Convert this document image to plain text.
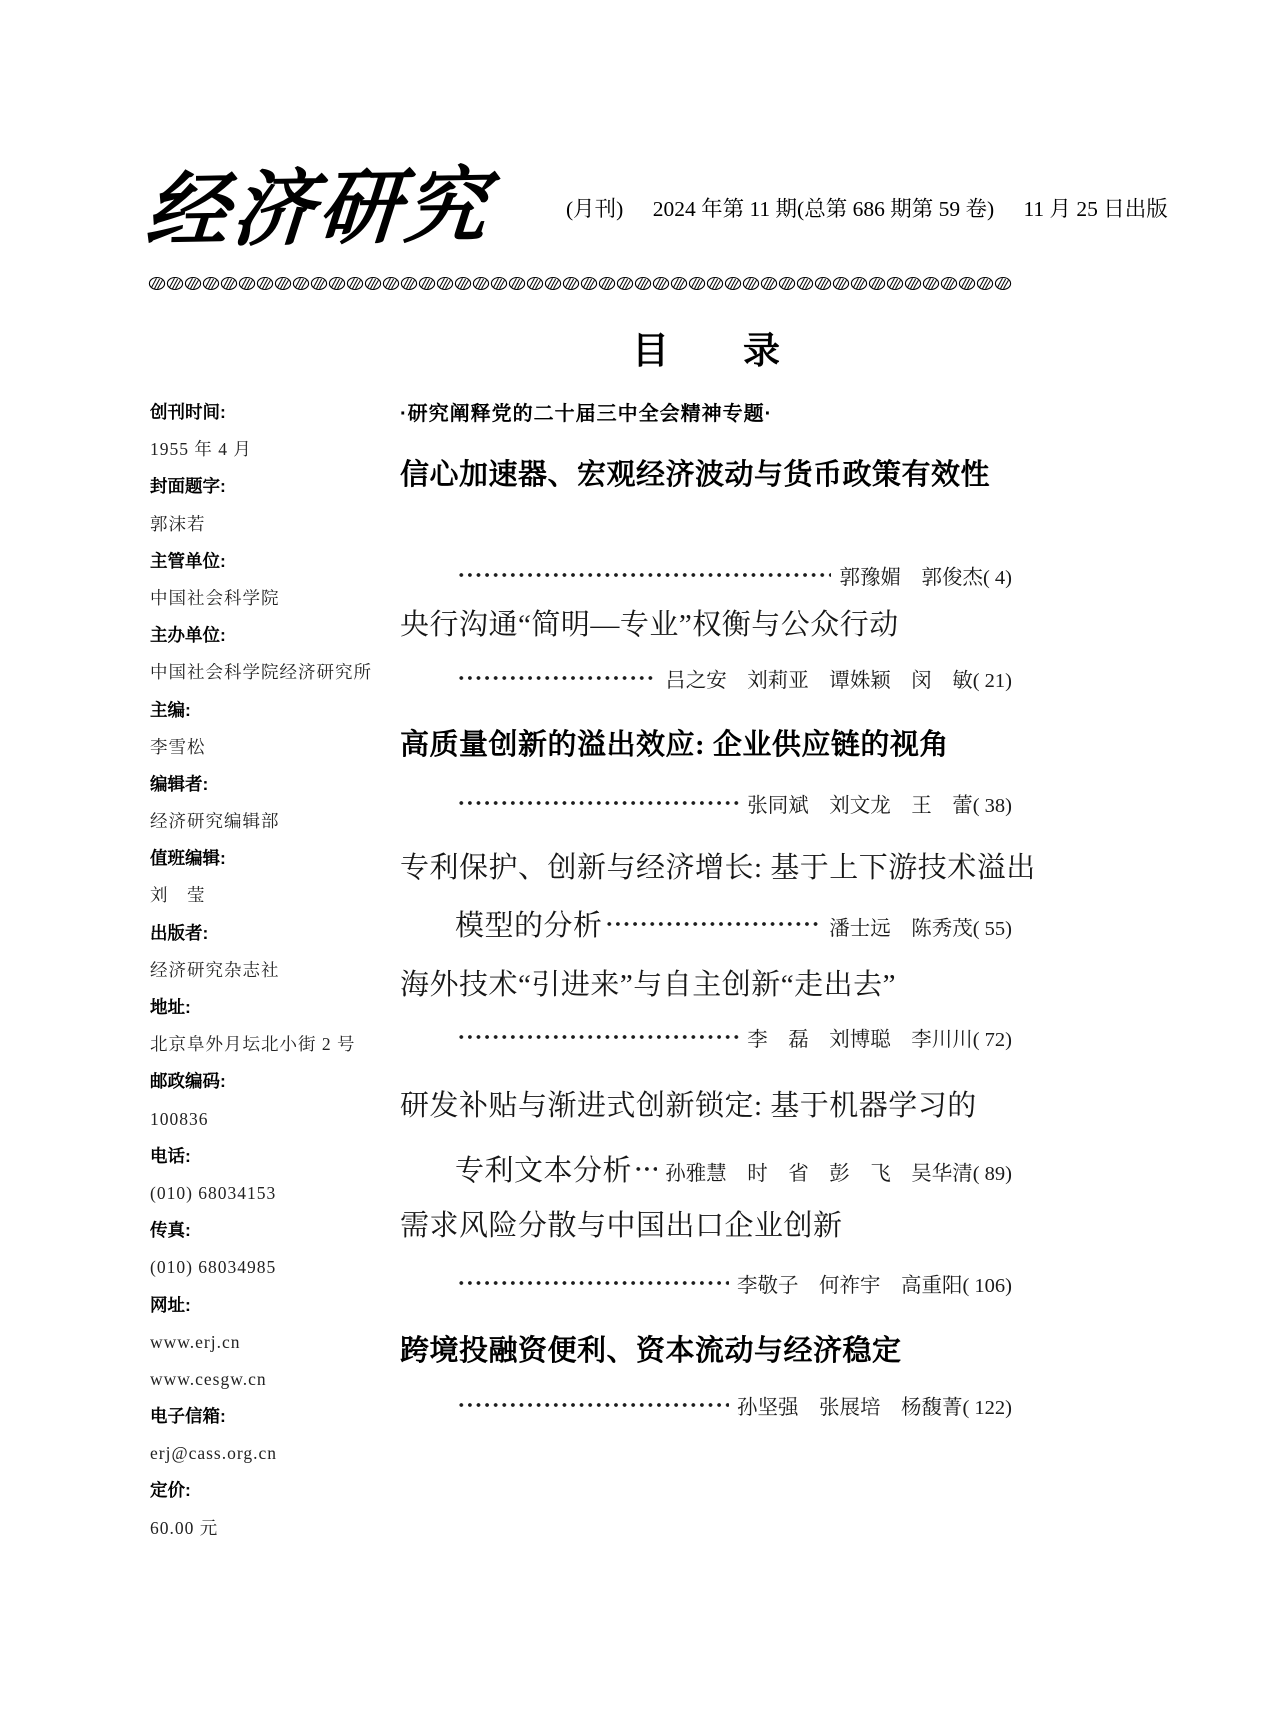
经济研究	(月刊) 2024 年第 11 期(总第 686 期第 59 卷) 11 月 25 日出版
目　　录
创刊时间:
1955 年 4 月
封面题字:
郭沫若
主管单位:
中国社会科学院
主办单位:
中国社会科学院经济研究所
主编:
李雪松
编辑者:
经济研究编辑部
值班编辑:
刘　莹
出版者:
经济研究杂志社
地址:
北京阜外月坛北小街 2 号
邮政编码:
100836
电话:
(010) 68034153
传真:
(010) 68034985
网址:
www.erj.cn
www.cesgw.cn
电子信箱:
erj@cass.org.cn
定价:
60.00 元
·研究阐释党的二十届三中全会精神专题·
信心加速器、宏观经济波动与货币政策有效性
郭豫媚　郭俊杰 ( 4)
央行沟通“简明—专业”权衡与公众行动
吕之安　刘莉亚　谭姝颖　闵　敏 ( 21)
高质量创新的溢出效应: 企业供应链的视角
张同斌　刘文龙　王　蕾 ( 38)
专利保护、创新与经济增长: 基于上下游技术溢出
模型的分析	潘士远　陈秀茂 ( 55)
海外技术“引进来”与自主创新“走出去”
李　磊　刘博聪　李川川 ( 72)
研发补贴与渐进式创新锁定: 基于机器学习的
专利文本分析 孙雅慧　时　省　彭　飞　吴华清 ( 89)
需求风险分散与中国出口企业创新
李敬子　何祚宇　高重阳 ( 106)
跨境投融资便利、资本流动与经济稳定
孙坚强　张展培　杨馥菁 ( 122)
